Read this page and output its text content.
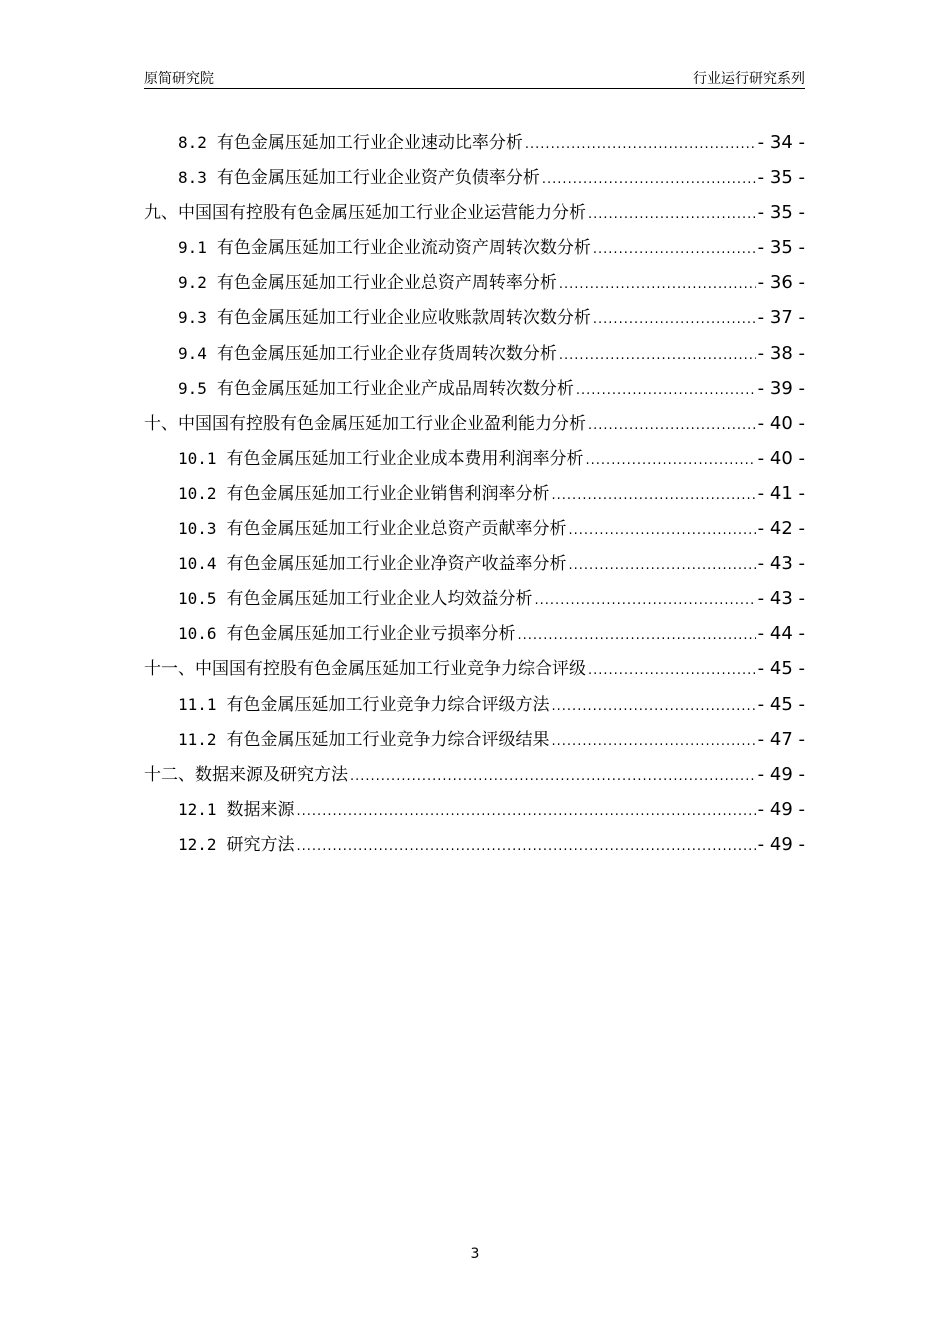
原简研究院	行业运行研究系列
8.2 有色金属压延加工行业企业速动比率分析 .....	- 34 -
8.3 有色金属压延加工行业企业资产负债率分析 .....	- 35 -
九、中国国有控股有色金属压延加工行业企业运营能力分析 .....	- 35 -
9.1 有色金属压延加工行业企业流动资产周转次数分析 .....	- 35 -
9.2 有色金属压延加工行业企业总资产周转率分析 .....	- 36 -
9.3 有色金属压延加工行业企业应收账款周转次数分析 .....	- 37 -
9.4 有色金属压延加工行业企业存货周转次数分析 .....	- 38 -
9.5 有色金属压延加工行业企业产成品周转次数分析 .....	- 39 -
十、中国国有控股有色金属压延加工行业企业盈利能力分析 .....	- 40 -
10.1 有色金属压延加工行业企业成本费用利润率分析 .....	- 40 -
10.2 有色金属压延加工行业企业销售利润率分析 .....	- 41 -
10.3 有色金属压延加工行业企业总资产贡献率分析 .....	- 42 -
10.4 有色金属压延加工行业企业净资产收益率分析 .....	- 43 -
10.5 有色金属压延加工行业企业人均效益分析 .....	- 43 -
10.6 有色金属压延加工行业企业亏损率分析 .....	- 44 -
十一、中国国有控股有色金属压延加工行业竞争力综合评级 .....	- 45 -
11.1 有色金属压延加工行业竞争力综合评级方法 .....	- 45 -
11.2 有色金属压延加工行业竞争力综合评级结果 .....	- 47 -
十二、数据来源及研究方法 .....	- 49 -
12.1 数据来源 .....	- 49 -
12.2 研究方法 .....	- 49 -
3
